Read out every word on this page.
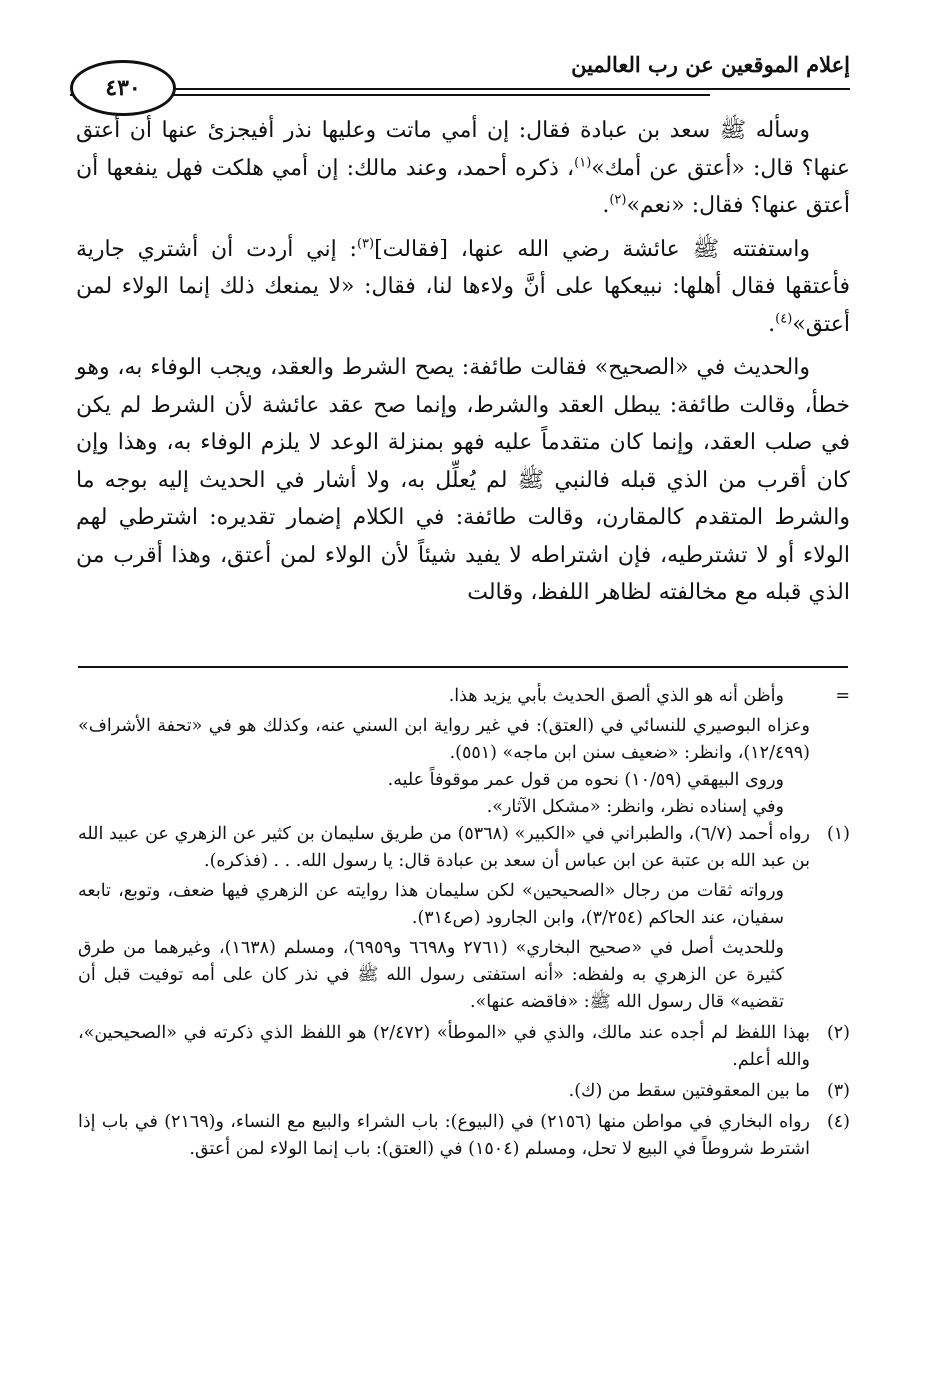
إعلام الموقعين عن رب العالمين
٤٣٠

وسأله ﷺ سعد بن عبادة فقال: إن أمي ماتت وعليها نذر أفيجزئ عنها أن أعتق عنها؟ قال: «أعتق عن أمك»$^{(١)}$، ذكره أحمد، وعند مالك: إن أمي هلكت فهل ينفعها أن أعتق عنها؟ فقال: «نعم»$^{(٢)}$.

واستفتته ﷺ عائشة رضي الله عنها، [فقالت]$^{(٣)}$: إني أردت أن أشتري جارية فأعتقها فقال أهلها: نبيعكها على أنَّ ولاءها لنا، فقال: «لا يمنعك ذلك إنما الولاء لمن أعتق»$^{(٤)}$.

والحديث في «الصحيح» فقالت طائفة: يصح الشرط والعقد، ويجب الوفاء به، وهو خطأ، وقالت طائفة: يبطل العقد والشرط، وإنما صح عقد عائشة لأن الشرط لم يكن في صلب العقد، وإنما كان متقدماً عليه فهو بمنزلة الوعد لا يلزم الوفاء به، وهذا وإن كان أقرب من الذي قبله فالنبي ﷺ لم يُعلِّل به، ولا أشار في الحديث إليه بوجه ما والشرط المتقدم كالمقارن، وقالت طائفة: في الكلام إضمار تقديره: اشترطي لهم الولاء أو لا تشترطيه، فإن اشتراطه لا يفيد شيئاً لأن الولاء لمن أعتق، وهذا أقرب من الذي قبله مع مخالفته لظاهر اللفظ، وقالت

=

وأظن أنه هو الذي ألصق الحديث بأبي يزيد هذا.

وعزاه البوصيري للنسائي في (العتق): في غير رواية ابن السني عنه، وكذلك هو في «تحفة الأشراف» (١٢/٤٩٩)، وانظر: «ضعيف سنن ابن ماجه» (٥٥١).

وروى البيهقي (١٠/٥٩) نحوه من قول عمر موقوفاً عليه.

وفي إسناده نظر، وانظر: «مشكل الآثار».

(١)

رواه أحمد (٦/٧)، والطبراني في «الكبير» (٥٣٦٨) من طريق سليمان بن كثير عن الزهري عن عبيد الله بن عبد الله بن عتبة عن ابن عباس أن سعد بن عبادة قال: يا رسول الله. . . (فذكره).

ورواته ثقات من رجال «الصحيحين» لكن سليمان هذا روايته عن الزهري فيها ضعف، وتوبع، تابعه سفيان، عند الحاكم (٣/٢٥٤)، وابن الجارود (ص٣١٤).

وللحديث أصل في «صحيح البخاري» (٢٧٦١ و٦٦٩٨ و٦٩٥٩)، ومسلم (١٦٣٨)، وغيرهما من طرق كثيرة عن الزهري به ولفظه: «أنه استفتى رسول الله ﷺ في نذر كان على أمه توفيت قبل أن تقضيه» قال رسول الله ﷺ: «فاقضه عنها».

(٢)
بهذا اللفظ لم أجده عند مالك، والذي في «الموطأ» (٢/٤٧٢) هو اللفظ الذي ذكرته في «الصحيحين»، والله أعلم.
(٣)
ما بين المعقوفتين سقط من (ك).
(٤)
رواه البخاري في مواطن منها (٢١٥٦) في (البيوع): باب الشراء والبيع مع النساء، و(٢١٦٩) في باب إذا اشترط شروطاً في البيع لا تحل، ومسلم (١٥٠٤) في (العتق): باب إنما الولاء لمن أعتق.
